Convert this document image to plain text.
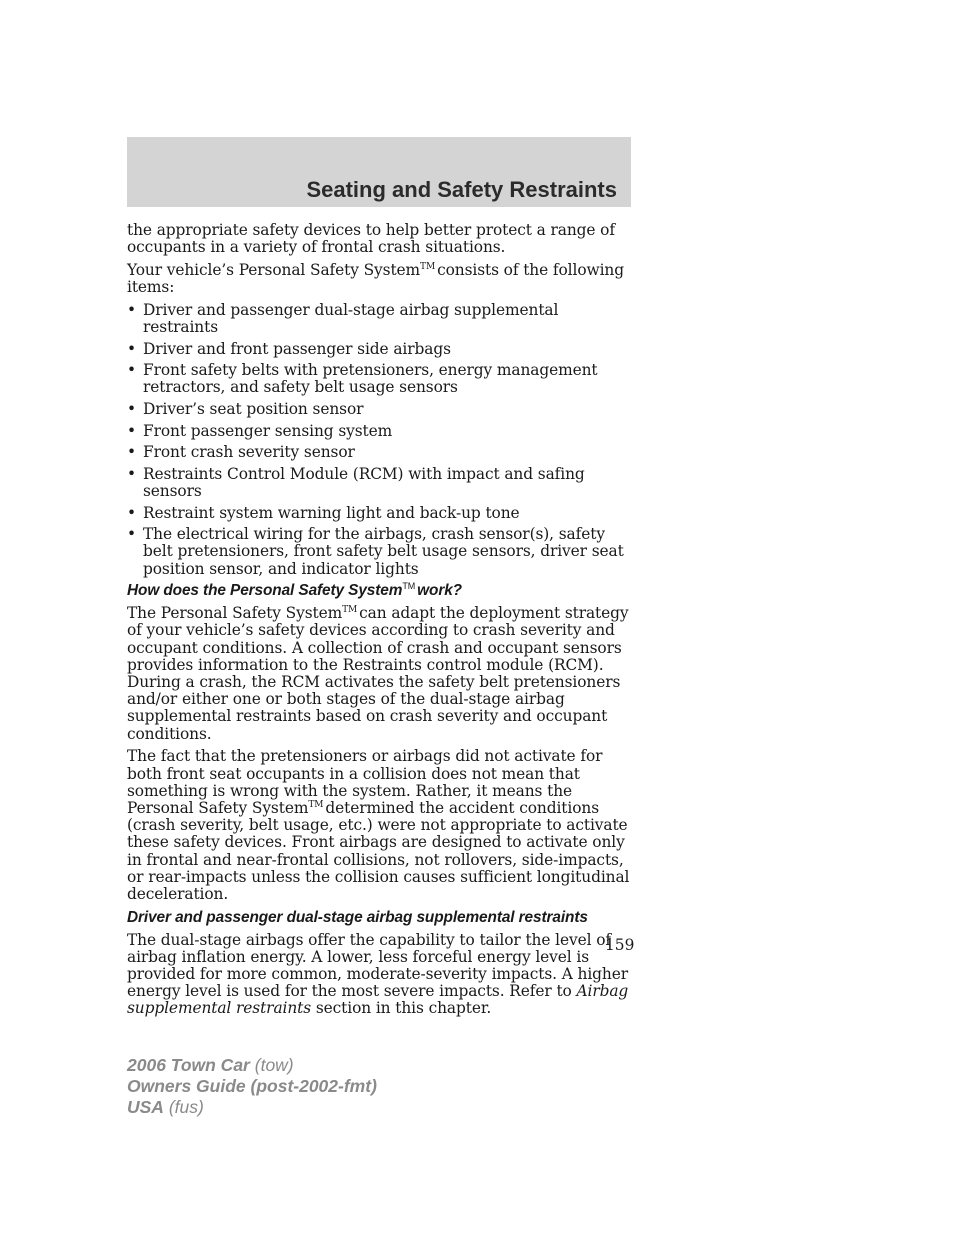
Seating and Safety Restraints

the appropriate safety devices to help better protect a range of occupants in a variety of frontal crash situations.

Your vehicle’s Personal Safety System™ consists of the following items:

• Driver and passenger dual-stage airbag supplemental restraints
• Driver and front passenger side airbags
• Front safety belts with pretensioners, energy management retractors, and safety belt usage sensors
• Driver’s seat position sensor
• Front passenger sensing system
• Front crash severity sensor
• Restraints Control Module (RCM) with impact and safing sensors
• Restraint system warning light and back-up tone
• The electrical wiring for the airbags, crash sensor(s), safety belt pretensioners, front safety belt usage sensors, driver seat position sensor, and indicator lights
How does the Personal Safety System™ work?

The Personal Safety System™ can adapt the deployment strategy of your vehicle’s safety devices according to crash severity and occupant conditions. A collection of crash and occupant sensors provides information to the Restraints control module (RCM). During a crash, the RCM activates the safety belt pretensioners and/or either one or both stages of the dual-stage airbag supplemental restraints based on crash severity and occupant conditions.

The fact that the pretensioners or airbags did not activate for both front seat occupants in a collision does not mean that something is wrong with the system. Rather, it means the Personal Safety System™ determined the accident conditions (crash severity, belt usage, etc.) were not appropriate to activate these safety devices. Front airbags are designed to activate only in frontal and near-frontal collisions, not rollovers, side-impacts, or rear-impacts unless the collision causes sufficient longitudinal deceleration.

Driver and passenger dual-stage airbag supplemental restraints

The dual-stage airbags offer the capability to tailor the level of airbag inflation energy. A lower, less forceful energy level is provided for more common, moderate-severity impacts. A higher energy level is used for the most severe impacts. Refer to Airbag supplemental restraints section in this chapter.

159
2006 Town Car (tow)
Owners Guide (post-2002-fmt)
USA (fus)
